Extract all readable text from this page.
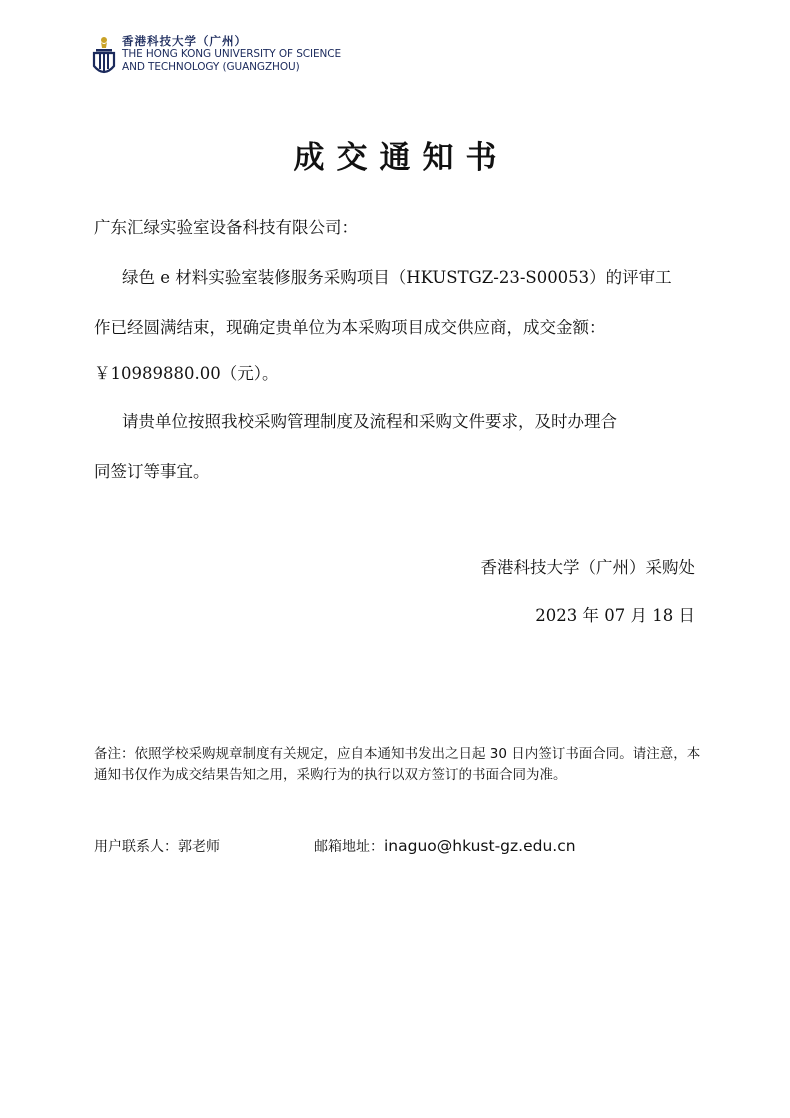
香港科技大学（广州）
THE HONG KONG UNIVERSITY OF SCIENCE
AND TECHNOLOGY (GUANGZHOU)
成交通知书
广东汇绿实验室设备科技有限公司：
绿色 e 材料实验室装修服务采购项目（HKUSTGZ-23-S00053）的评审工
作已经圆满结束，现确定贵单位为本采购项目成交供应商，成交金额：
￥10989880.00（元）。
请贵单位按照我校采购管理制度及流程和采购文件要求，及时办理合
同签订等事宜。
香港科技大学（广州）采购处
2023 年 07 月 18 日
备注：依照学校采购规章制度有关规定，应自本通知书发出之日起 30 日内签订书面合同。请注意，本通知书仅作为成交结果告知之用，采购行为的执行以双方签订的书面合同为准。
用户联系人：郭老师	邮箱地址：inaguo@hkust-gz.edu.cn
